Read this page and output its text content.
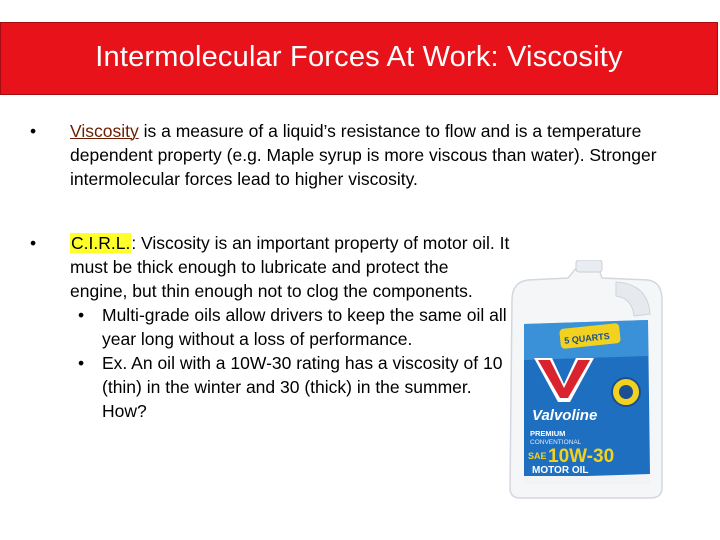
Intermolecular Forces At Work: Viscosity
• Viscosity is a measure of a liquid’s resistance to flow and is a temperature dependent property (e.g. Maple syrup is more viscous than water). Stronger intermolecular forces lead to higher viscosity.
• C.I.R.L.: Viscosity is an important property of motor oil. It must be thick enough to lubricate and protect the engine, but thin enough not to clog the components.
• Multi-grade oils allow drivers to keep the same oil all year long without a loss of performance.
• Ex. An oil with a 10W-30 rating has a viscosity of 10 (thin) in the winter and 30 (thick) in the summer. How?
5 QUARTS
Valvoline
PREMIUM
CONVENTIONAL
SAE 10W-30
MOTOR OIL
